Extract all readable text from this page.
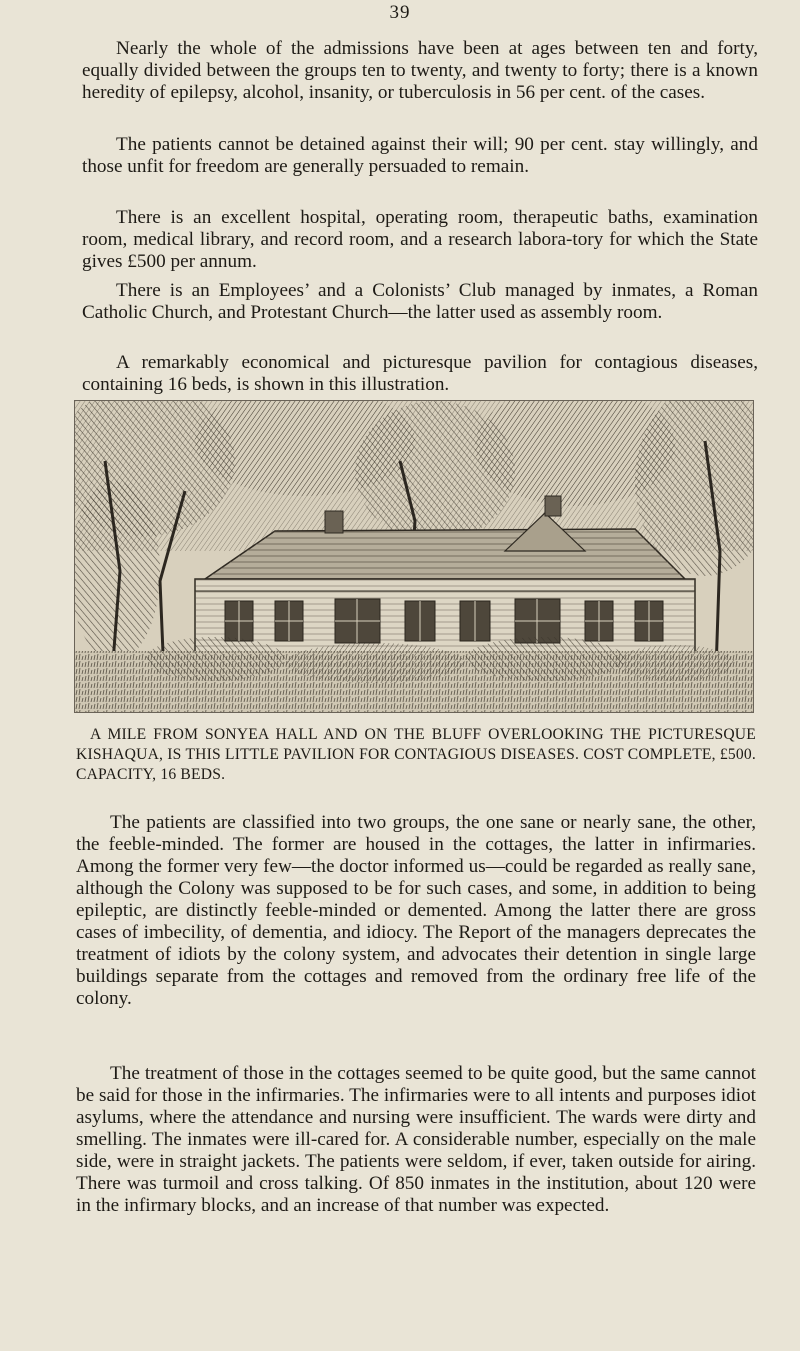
39

Nearly the whole of the admissions have been at ages between ten and forty, equally divided between the groups ten to twenty, and twenty to forty; there is a known heredity of epilepsy, alcohol, insanity, or tuberculosis in 56 per cent. of the cases.

The patients cannot be detained against their will; 90 per cent. stay willingly, and those unfit for freedom are generally persuaded to remain.

There is an excellent hospital, operating room, therapeutic baths, examination room, medical library, and record room, and a research labora-tory for which the State gives £500 per annum.

There is an Employees’ and a Colonists’ Club managed by inmates, a Roman Catholic Church, and Protestant Church—the latter used as assembly room.

A remarkably economical and picturesque pavilion for contagious diseases, containing 16 beds, is shown in this illustration.

A MILE FROM SONYEA HALL AND ON THE BLUFF OVERLOOKING THE PICTURESQUE KISHAQUA, IS THIS LITTLE PAVILION FOR CONTAGIOUS DISEASES. COST COMPLETE, £500. CAPACITY, 16 BEDS.

The patients are classified into two groups, the one sane or nearly sane, the other, the feeble-minded. The former are housed in the cottages, the latter in infirmaries. Among the former very few—the doctor informed us—could be regarded as really sane, although the Colony was supposed to be for such cases, and some, in addition to being epileptic, are distinctly feeble-minded or demented. Among the latter there are gross cases of imbecility, of dementia, and idiocy. The Report of the managers deprecates the treatment of idiots by the colony system, and advocates their detention in single large buildings separate from the cottages and removed from the ordinary free life of the colony.

The treatment of those in the cottages seemed to be quite good, but the same cannot be said for those in the infirmaries. The infirmaries were to all intents and purposes idiot asylums, where the attendance and nursing were insufficient. The wards were dirty and smelling. The inmates were ill-cared for. A considerable number, especially on the male side, were in straight jackets. The patients were seldom, if ever, taken outside for airing. There was turmoil and cross talking. Of 850 inmates in the institution, about 120 were in the infirmary blocks, and an increase of that number was expected.
